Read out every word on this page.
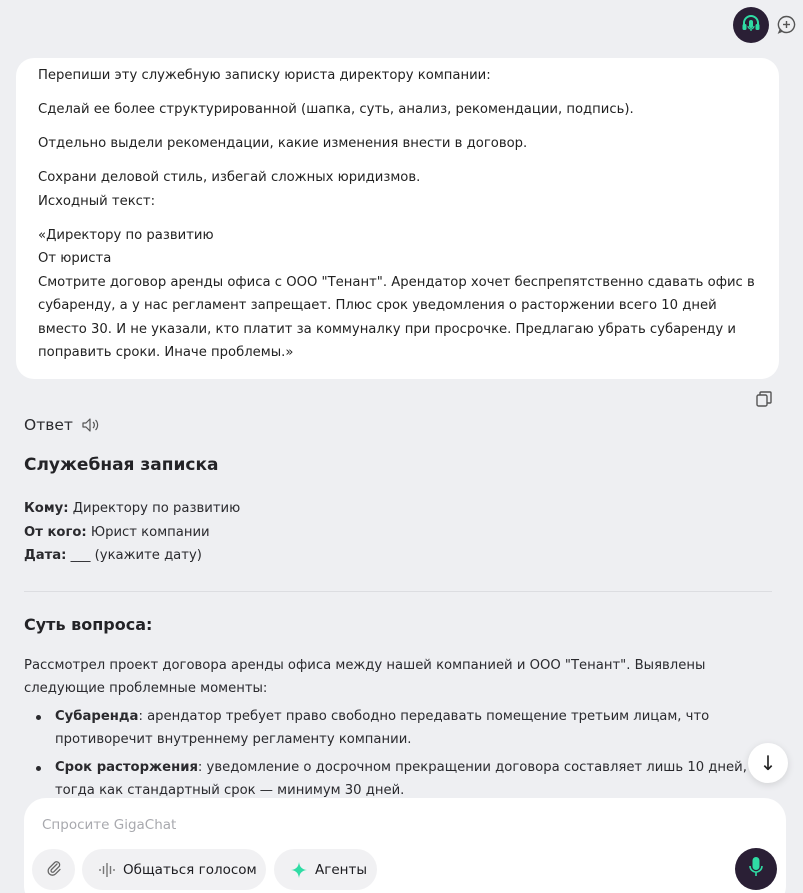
Перепиши эту служебную записку юриста директору компании:

Сделай ее более структурированной (шапка, суть, анализ, рекомендации, подпись).

Отдельно выдели рекомендации, какие изменения внести в договор.

Сохрани деловой стиль, избегай сложных юридизмов.

Исходный текст:

«Директору по развитию
От юриста
Смотрите договор аренды офиса с ООО "Тенант". Арендатор хочет беспрепятственно сдавать офис в субаренду, а у нас регламент запрещает. Плюс срок уведомления о расторжении всего 10 дней вместо 30. И не указали, кто платит за коммуналку при просрочке. Предлагаю убрать субаренду и поправить сроки. Иначе проблемы.»
Ответ
Служебная записка
Кому: Директору по развитию
От кого: Юрист компании
Дата: ___ (укажите дату)
Суть вопроса:
Рассмотрел проект договора аренды офиса между нашей компанией и ООО "Тенант". Выявлены следующие проблемные моменты:
Субаренда: арендатор требует право свободно передавать помещение третьим лицам, что противоречит внутреннему регламенту компании.
Срок расторжения: уведомление о досрочном прекращении договора составляет лишь 10 дней, тогда как стандартный срок — минимум 30 дней.
↓
Спросите GigaChat
Общаться голосом	Агенты
